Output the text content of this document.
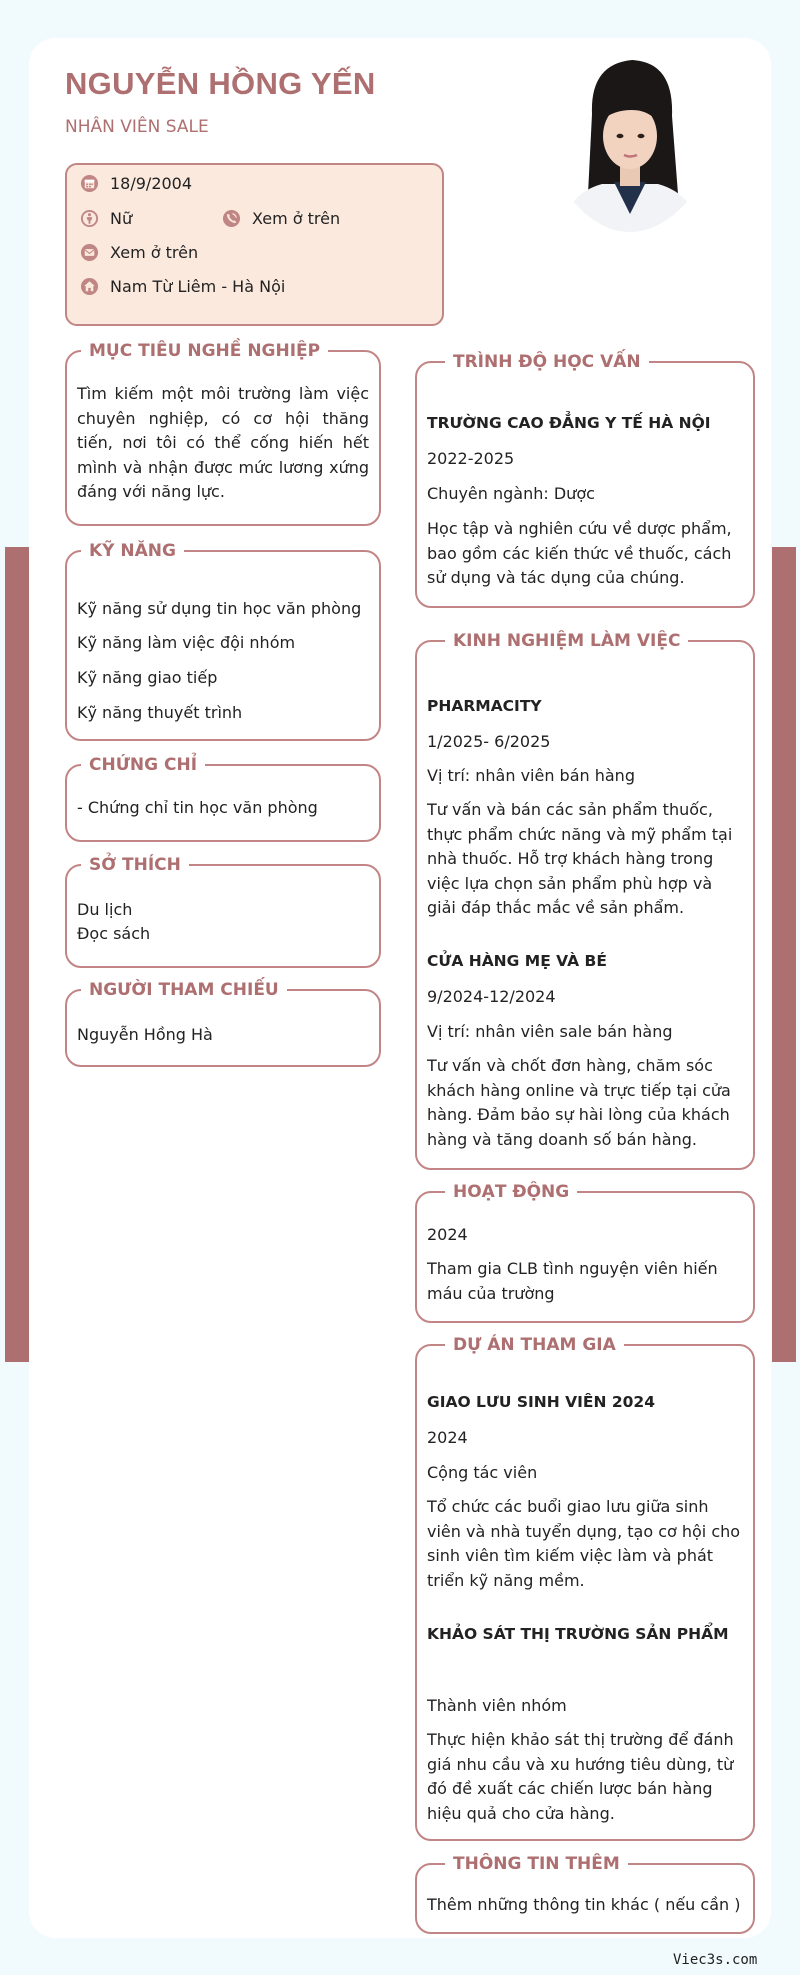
NGUYỄN HỒNG YẾN
NHÂN VIÊN SALE
18/9/2004
Nữ	Xem ở trên
Xem ở trên
Nam Từ Liêm - Hà Nội
MỤC TIÊU NGHỀ NGHIỆP
Tìm kiếm một môi trường làm việc chuyên nghiệp, có cơ hội thăng tiến, nơi tôi có thể cống hiến hết mình và nhận được mức lương xứng đáng với năng lực.
KỸ NĂNG
Kỹ năng sử dụng tin học văn phòng
Kỹ năng làm việc đội nhóm
Kỹ năng giao tiếp
Kỹ năng thuyết trình
CHỨNG CHỈ
- Chứng chỉ tin học văn phòng
SỞ THÍCH
Du lịch
Đọc sách
NGƯỜI THAM CHIẾU
Nguyễn Hồng Hà
TRÌNH ĐỘ HỌC VẤN
TRƯỜNG CAO ĐẲNG Y TẾ HÀ NỘI
2022-2025
Chuyên ngành: Dược
Học tập và nghiên cứu về dược phẩm, bao gồm các kiến thức về thuốc, cách sử dụng và tác dụng của chúng.
KINH NGHIỆM LÀM VIỆC
PHARMACITY
1/2025- 6/2025
Vị trí: nhân viên bán hàng
Tư vấn và bán các sản phẩm thuốc, thực phẩm chức năng và mỹ phẩm tại nhà thuốc. Hỗ trợ khách hàng trong việc lựa chọn sản phẩm phù hợp và giải đáp thắc mắc về sản phẩm.
CỬA HÀNG MẸ VÀ BÉ
9/2024-12/2024
Vị trí: nhân viên sale bán hàng
Tư vấn và chốt đơn hàng, chăm sóc khách hàng online và trực tiếp tại cửa hàng. Đảm bảo sự hài lòng của khách hàng và tăng doanh số bán hàng.
HOẠT ĐỘNG
2024
Tham gia CLB tình nguyện viên hiến máu của trường
DỰ ÁN THAM GIA
GIAO LƯU SINH VIÊN 2024
2024
Cộng tác viên
Tổ chức các buổi giao lưu giữa sinh viên và nhà tuyển dụng, tạo cơ hội cho sinh viên tìm kiếm việc làm và phát triển kỹ năng mềm.
KHẢO SÁT THỊ TRƯỜNG SẢN PHẨM
Thành viên nhóm
Thực hiện khảo sát thị trường để đánh giá nhu cầu và xu hướng tiêu dùng, từ đó đề xuất các chiến lược bán hàng hiệu quả cho cửa hàng.
THÔNG TIN THÊM
Thêm những thông tin khác ( nếu cần )
Viec3s.com
